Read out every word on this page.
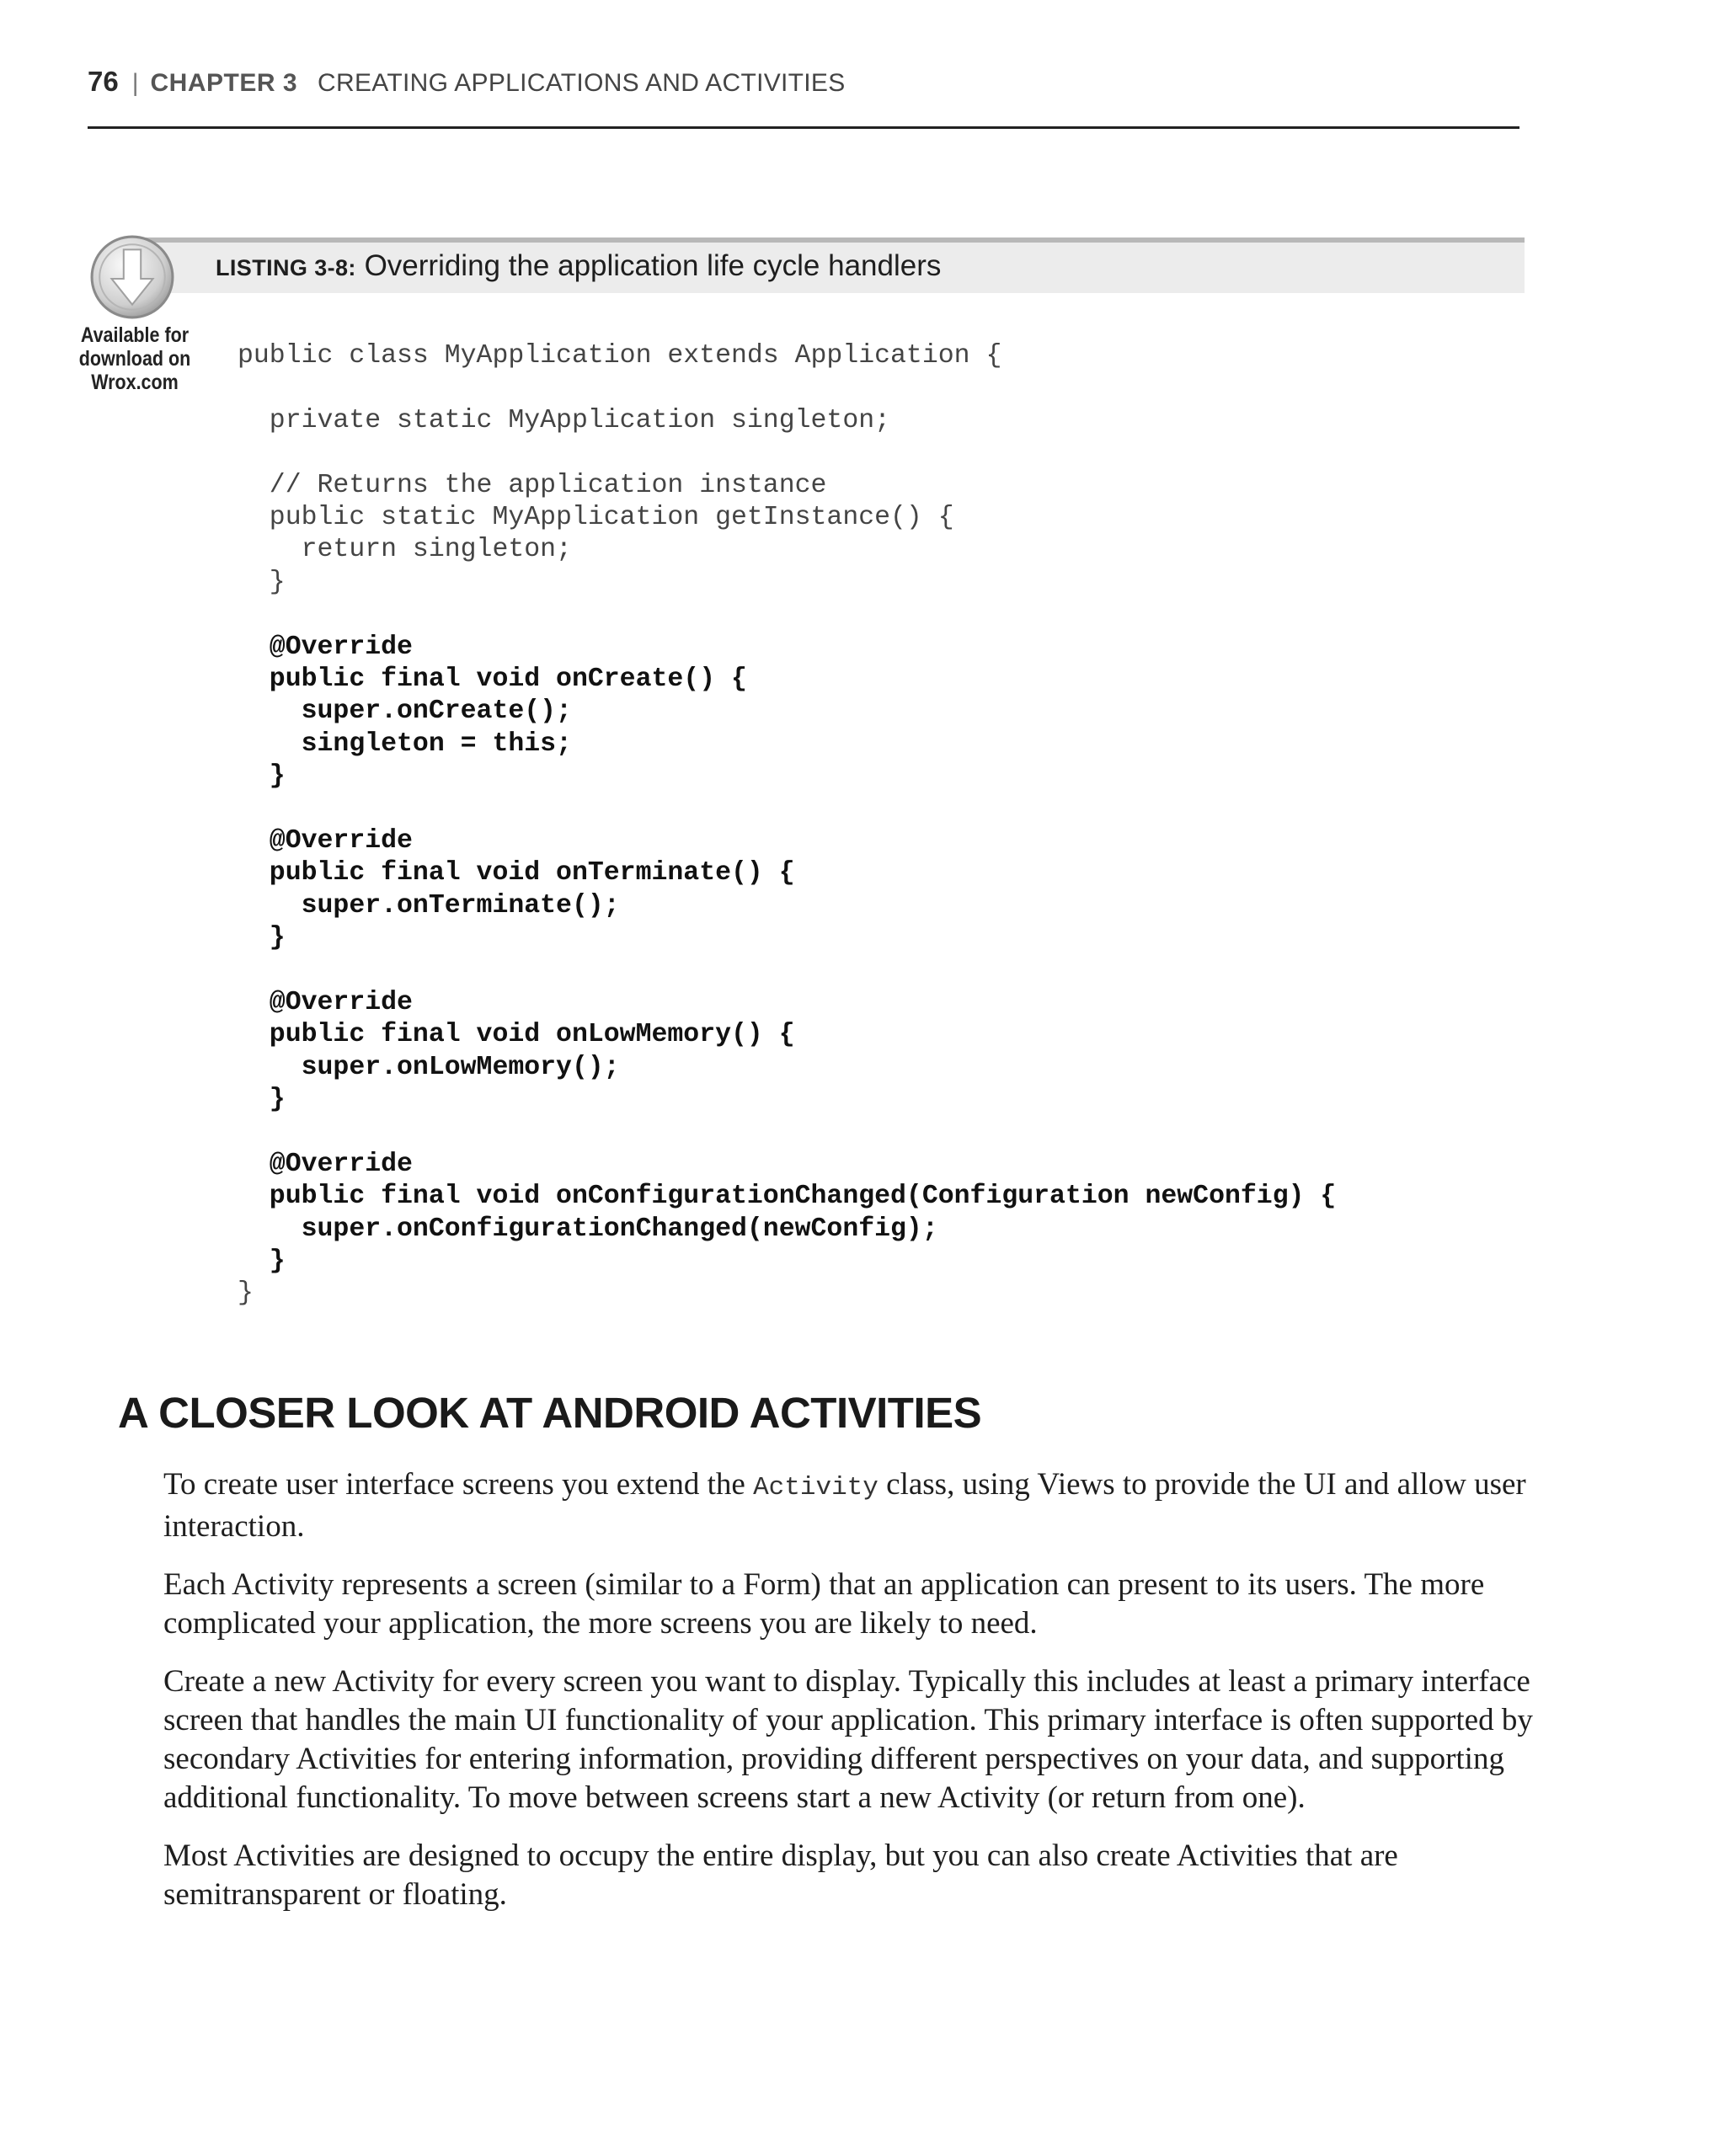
76 | CHAPTER 3 CREATING APPLICATIONS AND ACTIVITIES
LISTING 3-8: Overriding the application life cycle handlers
Available for
download on
Wrox.com
public class MyApplication extends Application {
private static MyApplication singleton;
// Returns the application instance
public static MyApplication getInstance() {
return singleton;
}
@Override
public final void onCreate() {
super.onCreate();
singleton = this;
}
@Override
public final void onTerminate() {
super.onTerminate();
}
@Override
public final void onLowMemory() {
super.onLowMemory();
}
@Override
public final void onConfigurationChanged(Configuration newConfig) {
super.onConfigurationChanged(newConfig);
}
}
A CLOSER LOOK AT ANDROID ACTIVITIES

To create user interface screens you extend the Activity class, using Views to provide the UI and allow user interaction.

Each Activity represents a screen (similar to a Form) that an application can present to its users. The more complicated your application, the more screens you are likely to need.

Create a new Activity for every screen you want to display. Typically this includes at least a primary interface screen that handles the main UI functionality of your application. This primary interface is often supported by secondary Activities for entering information, providing different perspectives on your data, and supporting additional functionality. To move between screens start a new Activity (or return from one).

Most Activities are designed to occupy the entire display, but you can also create Activities that are semitransparent or floating.
